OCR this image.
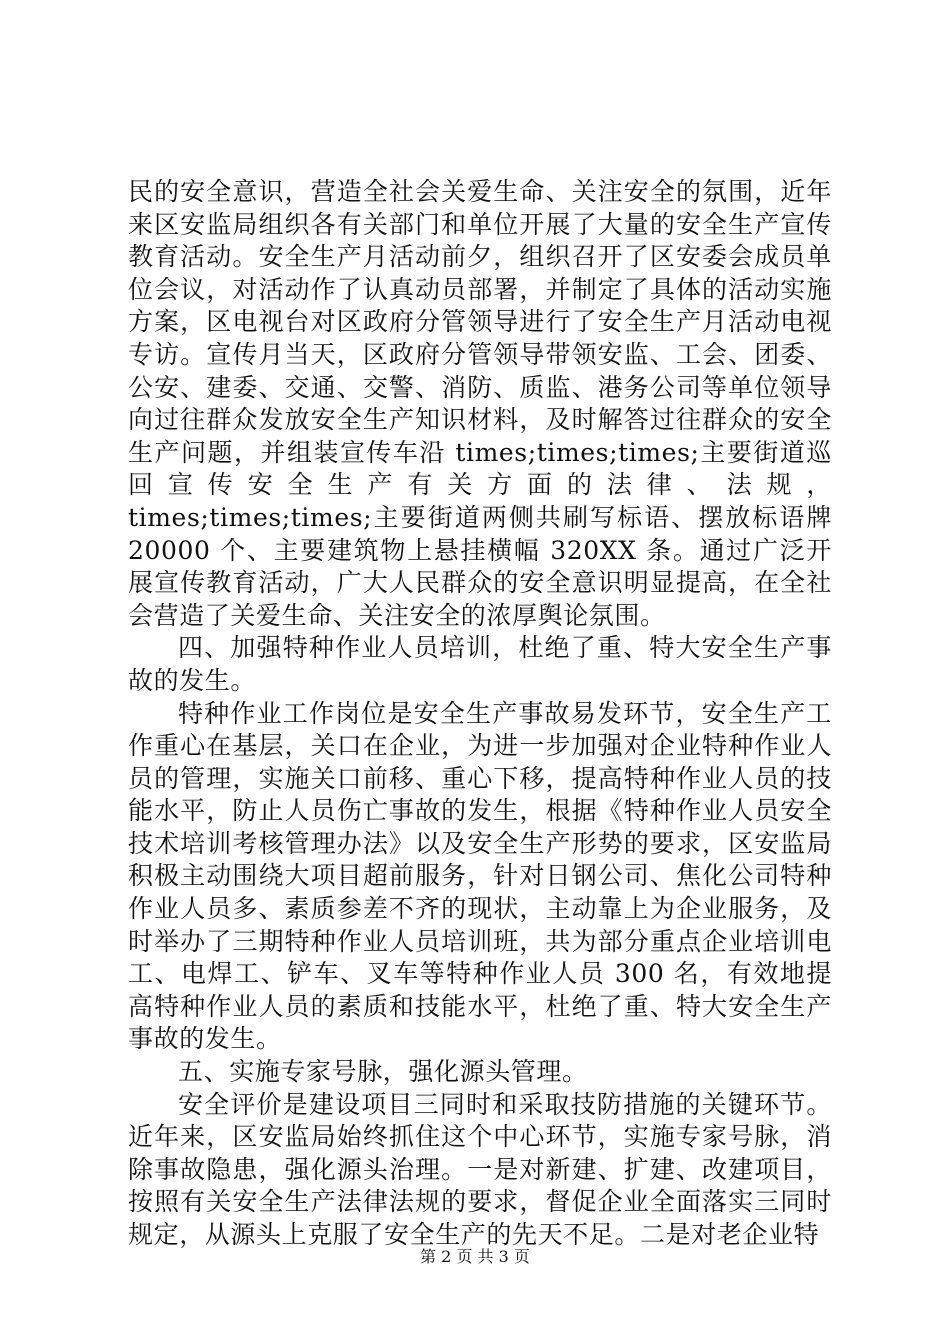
民的安全意识，营造全社会关爱生命、关注安全的氛围，近年来区安监局组织各有关部门和单位开展了大量的安全生产宣传教育活动。安全生产月活动前夕，组织召开了区安委会成员单位会议，对活动作了认真动员部署，并制定了具体的活动实施方案，区电视台对区政府分管领导进行了安全生产月活动电视专访。宣传月当天，区政府分管领导带领安监、工会、团委、公安、建委、交通、交警、消防、质监、港务公司等单位领导向过往群众发放安全生产知识材料，及时解答过往群众的安全生产问题，并组装宣传车沿 times;times;times;主要街道巡回宣传安全生产有关方面的法律、法规，times;times;times;主要街道两侧共刷写标语、摆放标语牌 20000 个、主要建筑物上悬挂横幅 320XX 条。通过广泛开展宣传教育活动，广大人民群众的安全意识明显提高，在全社会营造了关爱生命、关注安全的浓厚舆论氛围。

四、加强特种作业人员培训，杜绝了重、特大安全生产事故的发生。

特种作业工作岗位是安全生产事故易发环节，安全生产工作重心在基层，关口在企业，为进一步加强对企业特种作业人员的管理，实施关口前移、重心下移，提高特种作业人员的技能水平，防止人员伤亡事故的发生，根据《特种作业人员安全技术培训考核管理办法》以及安全生产形势的要求，区安监局积极主动围绕大项目超前服务，针对日钢公司、焦化公司特种作业人员多、素质参差不齐的现状，主动靠上为企业服务，及时举办了三期特种作业人员培训班，共为部分重点企业培训电工、电焊工、铲车、叉车等特种作业人员 300 名，有效地提高特种作业人员的素质和技能水平，杜绝了重、特大安全生产事故的发生。

五、实施专家号脉，强化源头管理。

安全评价是建设项目三同时和采取技防措施的关键环节。近年来，区安监局始终抓住这个中心环节，实施专家号脉，消除事故隐患，强化源头治理。一是对新建、扩建、改建项目，按照有关安全生产法律法规的要求，督促企业全面落实三同时规定，从源头上克服了安全生产的先天不足。二是对老企业特

第 2 页 共 3 页
